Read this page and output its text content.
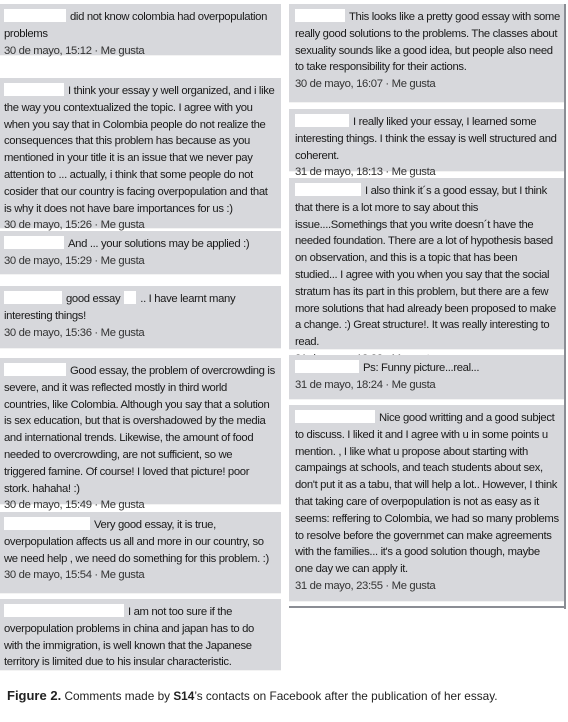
did not know colombia had overpopulation problems
30 de mayo, 15:12 · Me gusta
I think your essay y well organized, and i like the way you contextualized the topic. I agree with you when you say that in Colombia people do not realize the consequences that this problem has because as you mentioned in your title it is an issue that we never pay attention to ... actually, i think that some people do not cosider that our country is facing overpopulation and that is why it does not have bare importances for us :)
30 de mayo, 15:26 · Me gusta
And ... your solutions may be applied :)
30 de mayo, 15:29 · Me gusta
good essay .. I have learnt many interesting things!
30 de mayo, 15:36 · Me gusta
Good essay, the problem of overcrowding is severe, and it was reflected mostly in third world countries, like Colombia. Although you say that a solution is sex education, but that is overshadowed by the media and international trends. Likewise, the amount of food needed to overcrowding, are not sufficient, so we triggered famine. Of course! I loved that picture! poor stork. hahaha! :)
30 de mayo, 15:49 · Me gusta
Very good essay, it is true, overpopulation affects us all and more in our country, so we need help , we need do something for this problem. :)
30 de mayo, 15:54 · Me gusta
I am not too sure if the overpopulation problems in china and japan has to do with the immigration, is well known that the Japanese territory is limited due to his insular characteristic.
This looks like a pretty good essay with some really good solutions to the problems. The classes about sexuality sounds like a good idea, but people also need to take responsibility for their actions.
30 de mayo, 16:07 · Me gusta
I really liked your essay, I learned some interesting things. I think the essay is well structured and coherent.
31 de mayo, 18:13 · Me gusta
I also think it´s a good essay, but I think that there is a lot more to say about this issue....Somethings that you write doesn´t have the needed foundation. There are a lot of hypothesis based on observation, and this is a topic that has been studied... I agree with you when you say that the social stratum has its part in this problem, but there are a few more solutions that had already been proposed to make a change. :) Great structure!. It was really interesting to read.
Ps: Funny picture...real...
31 de mayo, 18:24 · Me gusta
Nice good writting and a good subject to discuss. I liked it and I agree with u in some points u mention. , I like what u propose about starting with campaings at schools, and teach students about sex, don't put it as a tabu, that will help a lot.. However, I think that taking care of overpopulation is not as easy as it seems: reffering to Colombia, we had so many problems to resolve before the governmet can make agreements with the families... it's a good solution though, maybe one day we can apply it.
31 de mayo, 23:55 · Me gusta
Figure 2. Comments made by S14’s contacts on Facebook after the publication of her essay.
